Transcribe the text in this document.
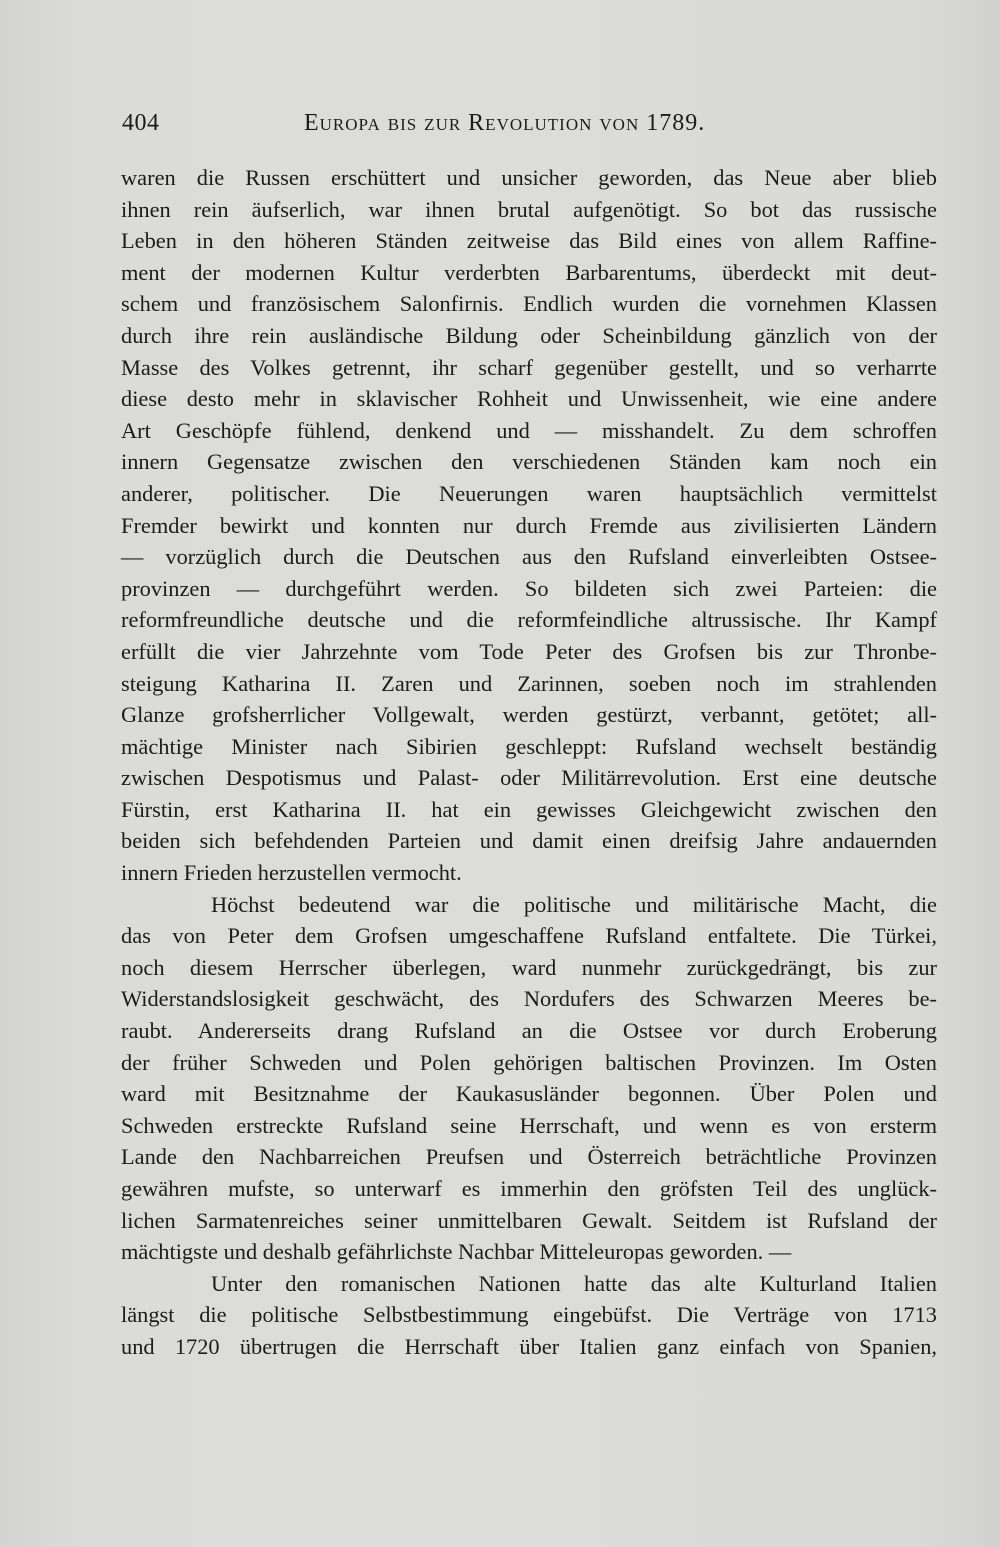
404	Europa bis zur Revolution von 1789.
waren die Russen erschüttert und unsicher geworden, das Neue aber blieb
ihnen rein äufserlich, war ihnen brutal aufgenötigt. So bot das russische
Leben in den höheren Ständen zeitweise das Bild eines von allem Raffine-
ment der modernen Kultur verderbten Barbarentums, überdeckt mit deut-
schem und französischem Salonfirnis. Endlich wurden die vornehmen Klassen
durch ihre rein ausländische Bildung oder Scheinbildung gänzlich von der
Masse des Volkes getrennt, ihr scharf gegenüber gestellt, und so verharrte
diese desto mehr in sklavischer Rohheit und Unwissenheit, wie eine andere
Art Geschöpfe fühlend, denkend und — misshandelt. Zu dem schroffen
innern Gegensatze zwischen den verschiedenen Ständen kam noch ein
anderer, politischer. Die Neuerungen waren hauptsächlich vermittelst
Fremder bewirkt und konnten nur durch Fremde aus zivilisierten Ländern
— vorzüglich durch die Deutschen aus den Rufsland einverleibten Ostsee-
provinzen — durchgeführt werden. So bildeten sich zwei Parteien: die
reformfreundliche deutsche und die reformfeindliche altrussische. Ihr Kampf
erfüllt die vier Jahrzehnte vom Tode Peter des Grofsen bis zur Thronbe-
steigung Katharina II. Zaren und Zarinnen, soeben noch im strahlenden
Glanze grofsherrlicher Vollgewalt, werden gestürzt, verbannt, getötet; all-
mächtige Minister nach Sibirien geschleppt: Rufsland wechselt beständig
zwischen Despotismus und Palast- oder Militärrevolution. Erst eine deutsche
Fürstin, erst Katharina II. hat ein gewisses Gleichgewicht zwischen den
beiden sich befehdenden Parteien und damit einen dreifsig Jahre andauernden
innern Frieden herzustellen vermocht.
Höchst bedeutend war die politische und militärische Macht, die
das von Peter dem Grofsen umgeschaffene Rufsland entfaltete. Die Türkei,
noch diesem Herrscher überlegen, ward nunmehr zurückgedrängt, bis zur
Widerstandslosigkeit geschwächt, des Nordufers des Schwarzen Meeres be-
raubt. Andererseits drang Rufsland an die Ostsee vor durch Eroberung
der früher Schweden und Polen gehörigen baltischen Provinzen. Im Osten
ward mit Besitznahme der Kaukasusländer begonnen. Über Polen und
Schweden erstreckte Rufsland seine Herrschaft, und wenn es von ersterm
Lande den Nachbarreichen Preufsen und Österreich beträchtliche Provinzen
gewähren mufste, so unterwarf es immerhin den gröfsten Teil des unglück-
lichen Sarmatenreiches seiner unmittelbaren Gewalt. Seitdem ist Rufsland der
mächtigste und deshalb gefährlichste Nachbar Mitteleuropas geworden. —
Unter den romanischen Nationen hatte das alte Kulturland Italien
längst die politische Selbstbestimmung eingebüfst. Die Verträge von 1713
und 1720 übertrugen die Herrschaft über Italien ganz einfach von Spanien,
